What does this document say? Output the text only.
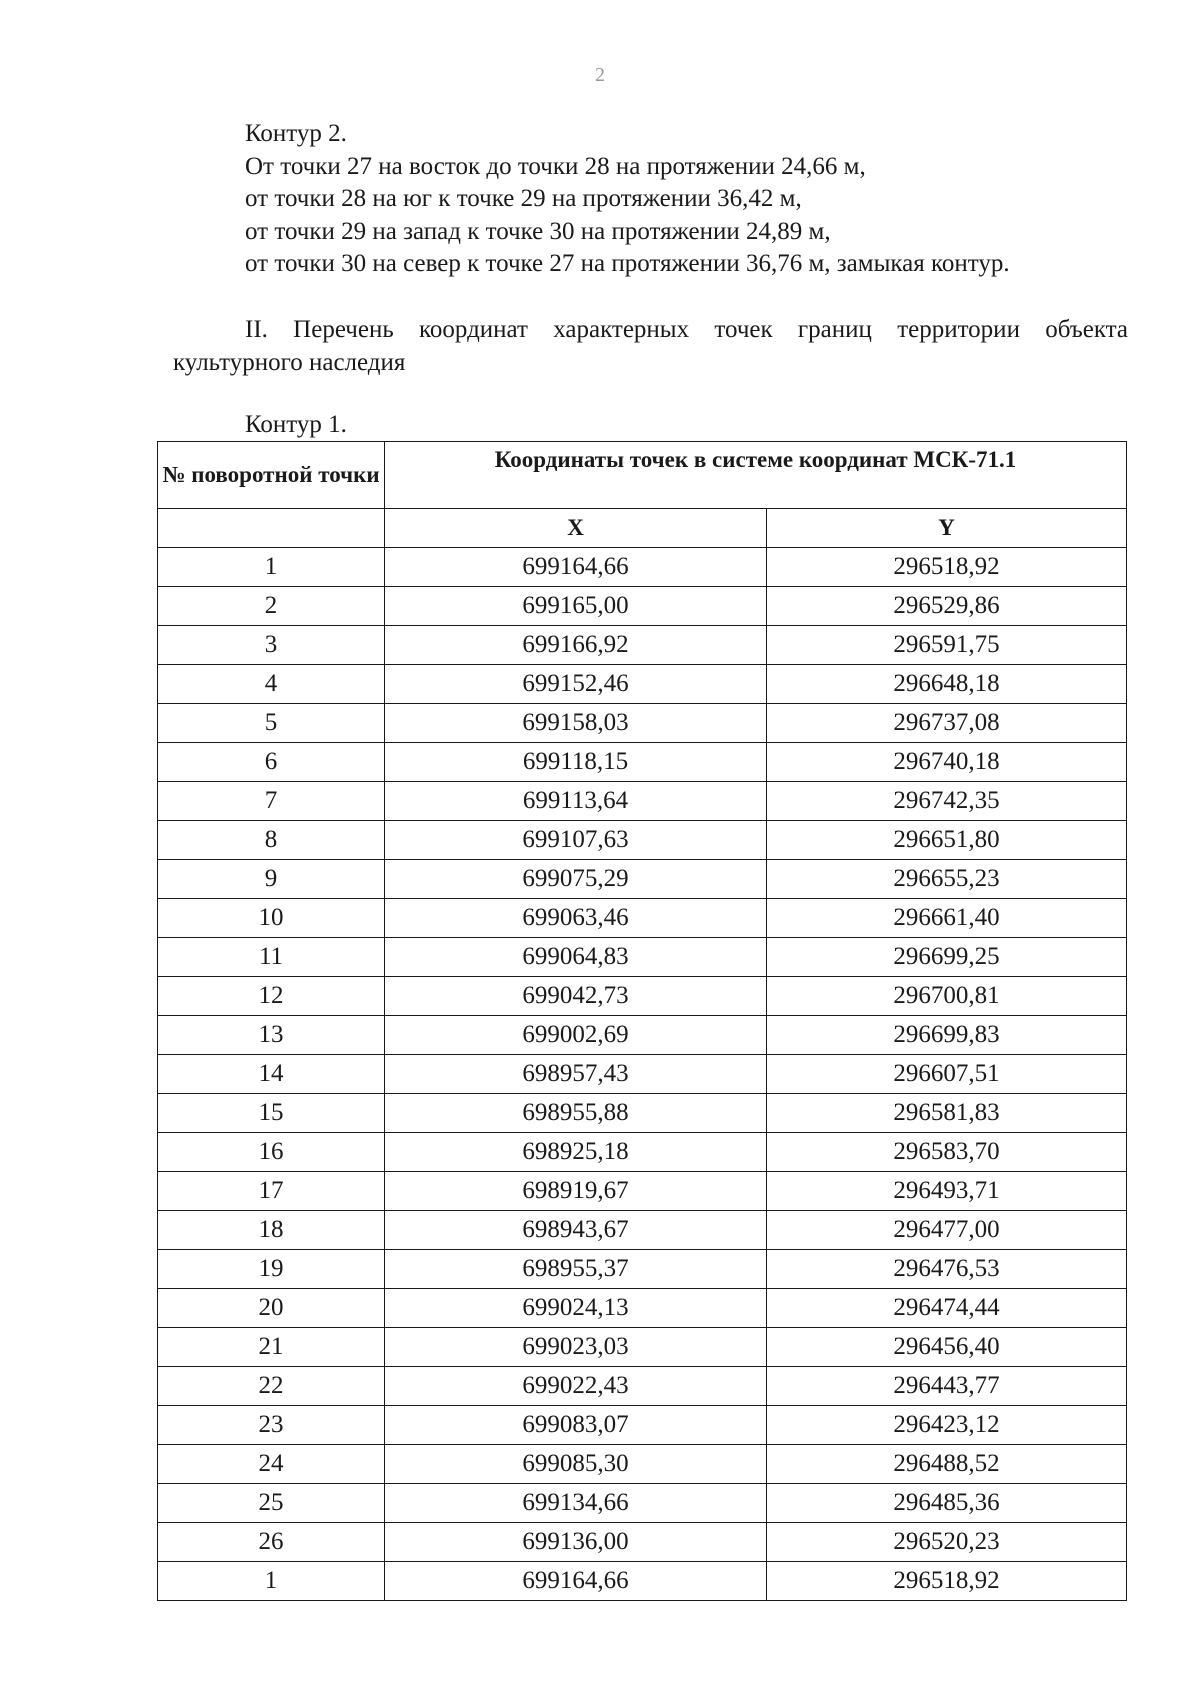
2
Контур 2.
От точки 27 на восток до точки 28 на протяжении 24,66 м,
от точки 28 на юг к точке 29 на протяжении 36,42 м,
от точки 29 на запад к точке 30 на протяжении 24,89 м,
от точки 30 на север к точке 27 на протяжении 36,76 м, замыкая контур.
II. Перечень координат характерных точек границ территории объекта
культурного наследия
Контур 1.
№ поворотной точки	Координаты точек в системе координат МСК-71.1	
	X	Y
1	699164,66	296518,92
2	699165,00	296529,86
3	699166,92	296591,75
4	699152,46	296648,18
5	699158,03	296737,08
6	699118,15	296740,18
7	699113,64	296742,35
8	699107,63	296651,80
9	699075,29	296655,23
10	699063,46	296661,40
11	699064,83	296699,25
12	699042,73	296700,81
13	699002,69	296699,83
14	698957,43	296607,51
15	698955,88	296581,83
16	698925,18	296583,70
17	698919,67	296493,71
18	698943,67	296477,00
19	698955,37	296476,53
20	699024,13	296474,44
21	699023,03	296456,40
22	699022,43	296443,77
23	699083,07	296423,12
24	699085,30	296488,52
25	699134,66	296485,36
26	699136,00	296520,23
1	699164,66	296518,92
